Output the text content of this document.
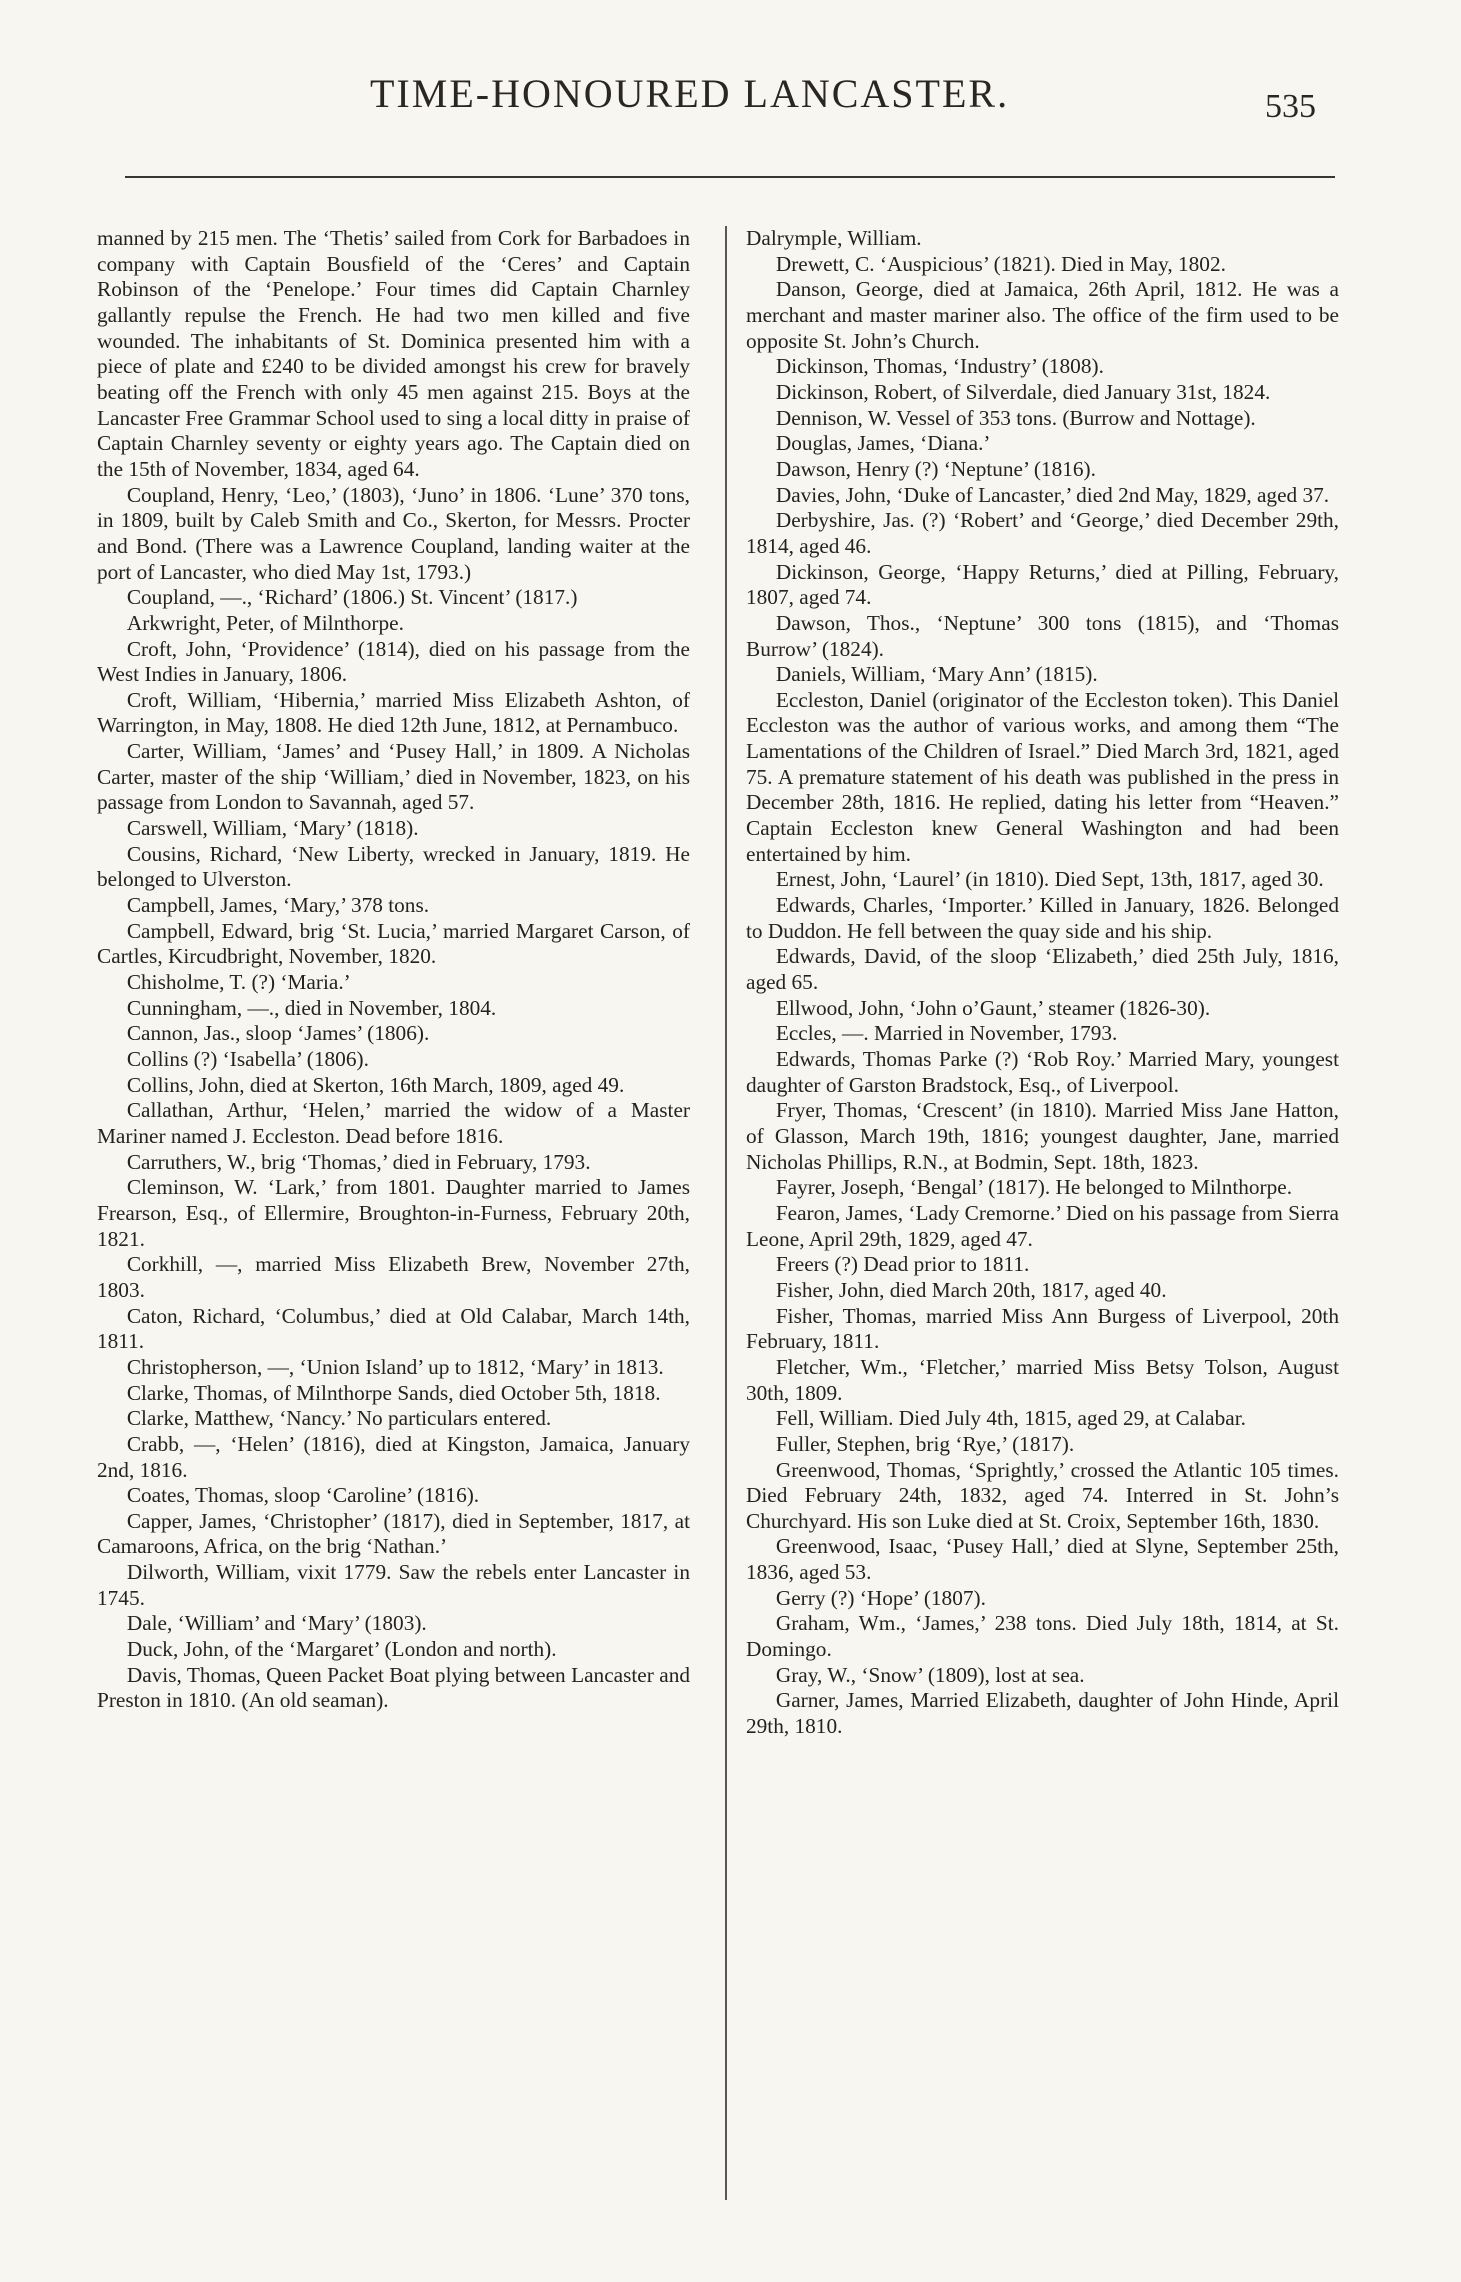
TIME-HONOURED LANCASTER.	535

manned by 215 men. The ‘Thetis’ sailed from Cork for Barbadoes in company with Captain Bousfield of the ‘Ceres’ and Captain Robinson of the ‘Penelope.’ Four times did Captain Charnley gallantly repulse the French. He had two men killed and five wounded. The inhabitants of St. Dominica presented him with a piece of plate and £240 to be divided amongst his crew for bravely beating off the French with only 45 men against 215. Boys at the Lancaster Free Grammar School used to sing a local ditty in praise of Captain Charnley seventy or eighty years ago. The Captain died on the 15th of November, 1834, aged 64.

Coupland, Henry, ‘Leo,’ (1803), ‘Juno’ in 1806. ‘Lune’ 370 tons, in 1809, built by Caleb Smith and Co., Skerton, for Messrs. Procter and Bond. (There was a Lawrence Coupland, landing waiter at the port of Lancaster, who died May 1st, 1793.)

Coupland, —., ‘Richard’ (1806.) St. Vincent’ (1817.)

Arkwright, Peter, of Milnthorpe.

Croft, John, ‘Providence’ (1814), died on his passage from the West Indies in January, 1806.

Croft, William, ‘Hibernia,’ married Miss Elizabeth Ashton, of Warrington, in May, 1808. He died 12th June, 1812, at Pernambuco.

Carter, William, ‘James’ and ‘Pusey Hall,’ in 1809. A Nicholas Carter, master of the ship ‘William,’ died in November, 1823, on his passage from London to Savannah, aged 57.

Carswell, William, ‘Mary’ (1818).

Cousins, Richard, ‘New Liberty, wrecked in January, 1819. He belonged to Ulverston.

Campbell, James, ‘Mary,’ 378 tons.

Campbell, Edward, brig ‘St. Lucia,’ married Margaret Carson, of Cartles, Kircudbright, November, 1820.

Chisholme, T. (?) ‘Maria.’

Cunningham, —., died in November, 1804.

Cannon, Jas., sloop ‘James’ (1806).

Collins (?) ‘Isabella’ (1806).

Collins, John, died at Skerton, 16th March, 1809, aged 49.

Callathan, Arthur, ‘Helen,’ married the widow of a Master Mariner named J. Eccleston. Dead before 1816.

Carruthers, W., brig ‘Thomas,’ died in February, 1793.

Cleminson, W. ‘Lark,’ from 1801. Daughter married to James Frearson, Esq., of Ellermire, Broughton-in-Furness, February 20th, 1821.

Corkhill, —, married Miss Elizabeth Brew, November 27th, 1803.

Caton, Richard, ‘Columbus,’ died at Old Calabar, March 14th, 1811.

Christopherson, —, ‘Union Island’ up to 1812, ‘Mary’ in 1813.

Clarke, Thomas, of Milnthorpe Sands, died October 5th, 1818.

Clarke, Matthew, ‘Nancy.’ No particulars entered.

Crabb, —, ‘Helen’ (1816), died at Kingston, Jamaica, January 2nd, 1816.

Coates, Thomas, sloop ‘Caroline’ (1816).

Capper, James, ‘Christopher’ (1817), died in September, 1817, at Camaroons, Africa, on the brig ‘Nathan.’

Dilworth, William, vixit 1779. Saw the rebels enter Lancaster in 1745.

Dale, ‘William’ and ‘Mary’ (1803).

Duck, John, of the ‘Margaret’ (London and north).

Davis, Thomas, Queen Packet Boat plying between Lancaster and Preston in 1810. (An old seaman).

Dalrymple, William.

Drewett, C. ‘Auspicious’ (1821). Died in May, 1802.

Danson, George, died at Jamaica, 26th April, 1812. He was a merchant and master mariner also. The office of the firm used to be opposite St. John’s Church.

Dickinson, Thomas, ‘Industry’ (1808).

Dickinson, Robert, of Silverdale, died January 31st, 1824.

Dennison, W. Vessel of 353 tons. (Burrow and Nottage).

Douglas, James, ‘Diana.’

Dawson, Henry (?) ‘Neptune’ (1816).

Davies, John, ‘Duke of Lancaster,’ died 2nd May, 1829, aged 37.

Derbyshire, Jas. (?) ‘Robert’ and ‘George,’ died December 29th, 1814, aged 46.

Dickinson, George, ‘Happy Returns,’ died at Pilling, February, 1807, aged 74.

Dawson, Thos., ‘Neptune’ 300 tons (1815), and ‘Thomas Burrow’ (1824).

Daniels, William, ‘Mary Ann’ (1815).

Eccleston, Daniel (originator of the Eccleston token). This Daniel Eccleston was the author of various works, and among them “The Lamentations of the Children of Israel.” Died March 3rd, 1821, aged 75. A premature statement of his death was published in the press in December 28th, 1816. He replied, dating his letter from “Heaven.” Captain Eccleston knew General Washington and had been entertained by him.

Ernest, John, ‘Laurel’ (in 1810). Died Sept, 13th, 1817, aged 30.

Edwards, Charles, ‘Importer.’ Killed in January, 1826. Belonged to Duddon. He fell between the quay side and his ship.

Edwards, David, of the sloop ‘Elizabeth,’ died 25th July, 1816, aged 65.

Ellwood, John, ‘John o’Gaunt,’ steamer (1826-30).

Eccles, —. Married in November, 1793.

Edwards, Thomas Parke (?) ‘Rob Roy.’ Married Mary, youngest daughter of Garston Bradstock, Esq., of Liverpool.

Fryer, Thomas, ‘Crescent’ (in 1810). Married Miss Jane Hatton, of Glasson, March 19th, 1816; youngest daughter, Jane, married Nicholas Phillips, R.N., at Bodmin, Sept. 18th, 1823.

Fayrer, Joseph, ‘Bengal’ (1817). He belonged to Milnthorpe.

Fearon, James, ‘Lady Cremorne.’ Died on his passage from Sierra Leone, April 29th, 1829, aged 47.

Freers (?) Dead prior to 1811.

Fisher, John, died March 20th, 1817, aged 40.

Fisher, Thomas, married Miss Ann Burgess of Liverpool, 20th February, 1811.

Fletcher, Wm., ‘Fletcher,’ married Miss Betsy Tolson, August 30th, 1809.

Fell, William. Died July 4th, 1815, aged 29, at Calabar.

Fuller, Stephen, brig ‘Rye,’ (1817).

Greenwood, Thomas, ‘Sprightly,’ crossed the Atlantic 105 times. Died February 24th, 1832, aged 74. Interred in St. John’s Churchyard. His son Luke died at St. Croix, September 16th, 1830.

Greenwood, Isaac, ‘Pusey Hall,’ died at Slyne, September 25th, 1836, aged 53.

Gerry (?) ‘Hope’ (1807).

Graham, Wm., ‘James,’ 238 tons. Died July 18th, 1814, at St. Domingo.

Gray, W., ‘Snow’ (1809), lost at sea.

Garner, James, Married Elizabeth, daughter of John Hinde, April 29th, 1810.
